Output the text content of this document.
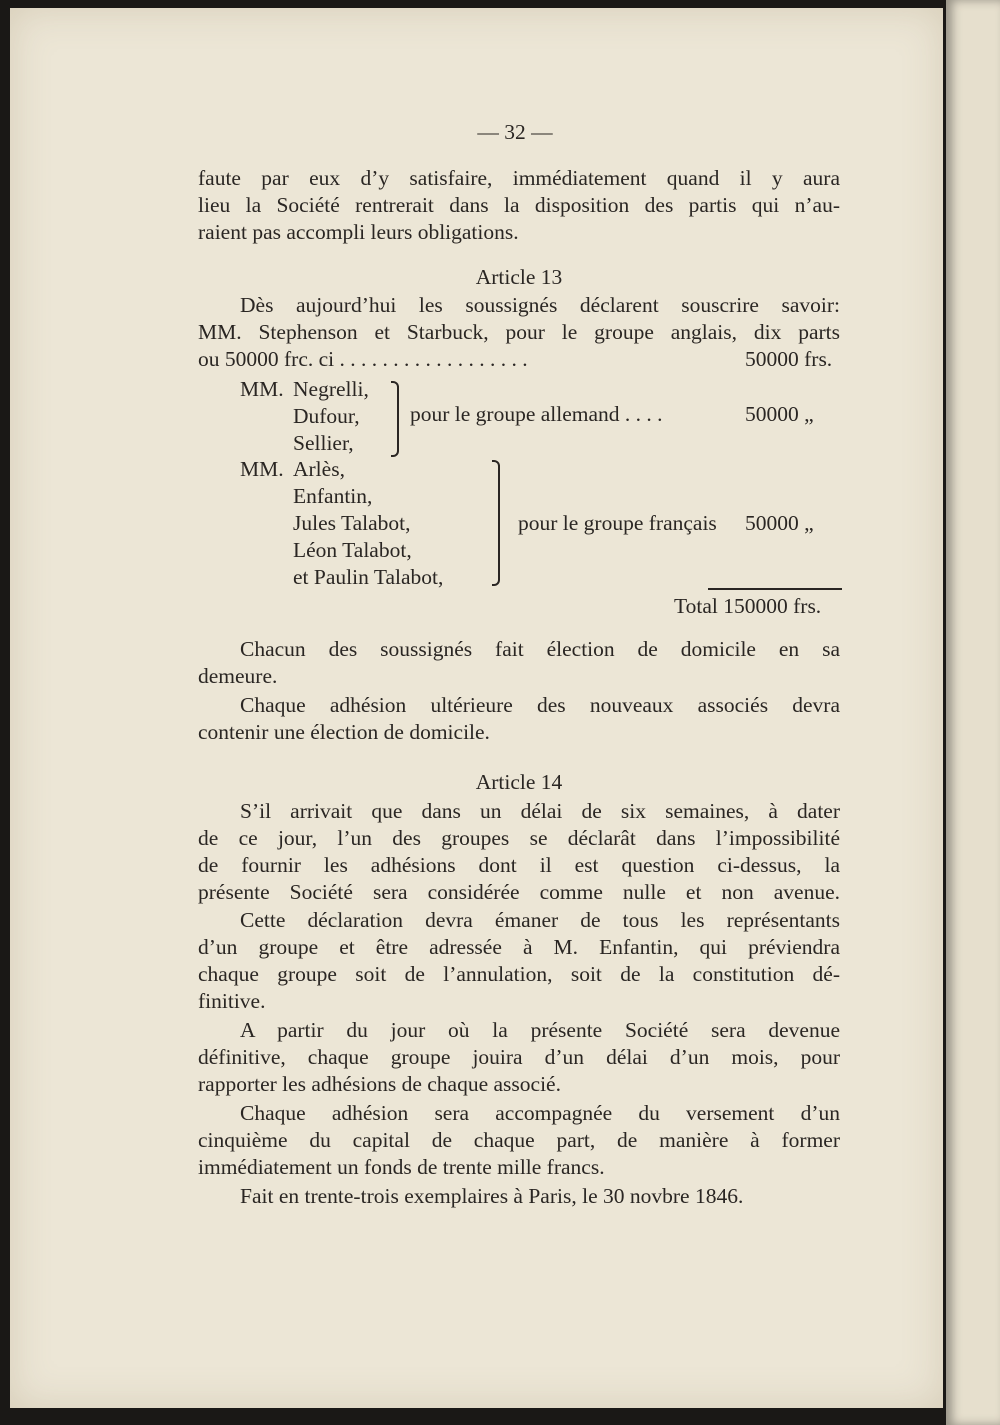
— 32 —
faute par eux d’y satisfaire, immédiatement quand il y aura
lieu la Société rentrerait dans la disposition des partis qui n’au-
raient pas accompli leurs obligations.
Article 13
Dès aujourd’hui les soussignés déclarent souscrire savoir:
MM. Stephenson et Starbuck, pour le groupe anglais, dix parts
ou 50000 frc. ci . . . . . . . . . . . . . . . . . .	50000 frs.
MM. Negrelli,
Dufour,
Sellier,
pour le groupe allemand . . . .	50000 „
MM. Arlès,
Enfantin,
Jules Talabot,
Léon Talabot,
et Paulin Talabot,
pour le groupe français 50000 „
Total 150000 frs.
Chacun des soussignés fait élection de domicile en sa
demeure.
Chaque adhésion ultérieure des nouveaux associés devra
contenir une élection de domicile.
Article 14
S’il arrivait que dans un délai de six semaines, à dater
de ce jour, l’un des groupes se déclarât dans l’impossibilité
de fournir les adhésions dont il est question ci-dessus, la
présente Société sera considérée comme nulle et non avenue.
Cette déclaration devra émaner de tous les représentants
d’un groupe et être adressée à M. Enfantin, qui préviendra
chaque groupe soit de l’annulation, soit de la constitution dé-
finitive.
A partir du jour où la présente Société sera devenue
définitive, chaque groupe jouira d’un délai d’un mois, pour
rapporter les adhésions de chaque associé.
Chaque adhésion sera accompagnée du versement d’un
cinquième du capital de chaque part, de manière à former
immédiatement un fonds de trente mille francs.
Fait en trente-trois exemplaires à Paris, le 30 novbre 1846.
